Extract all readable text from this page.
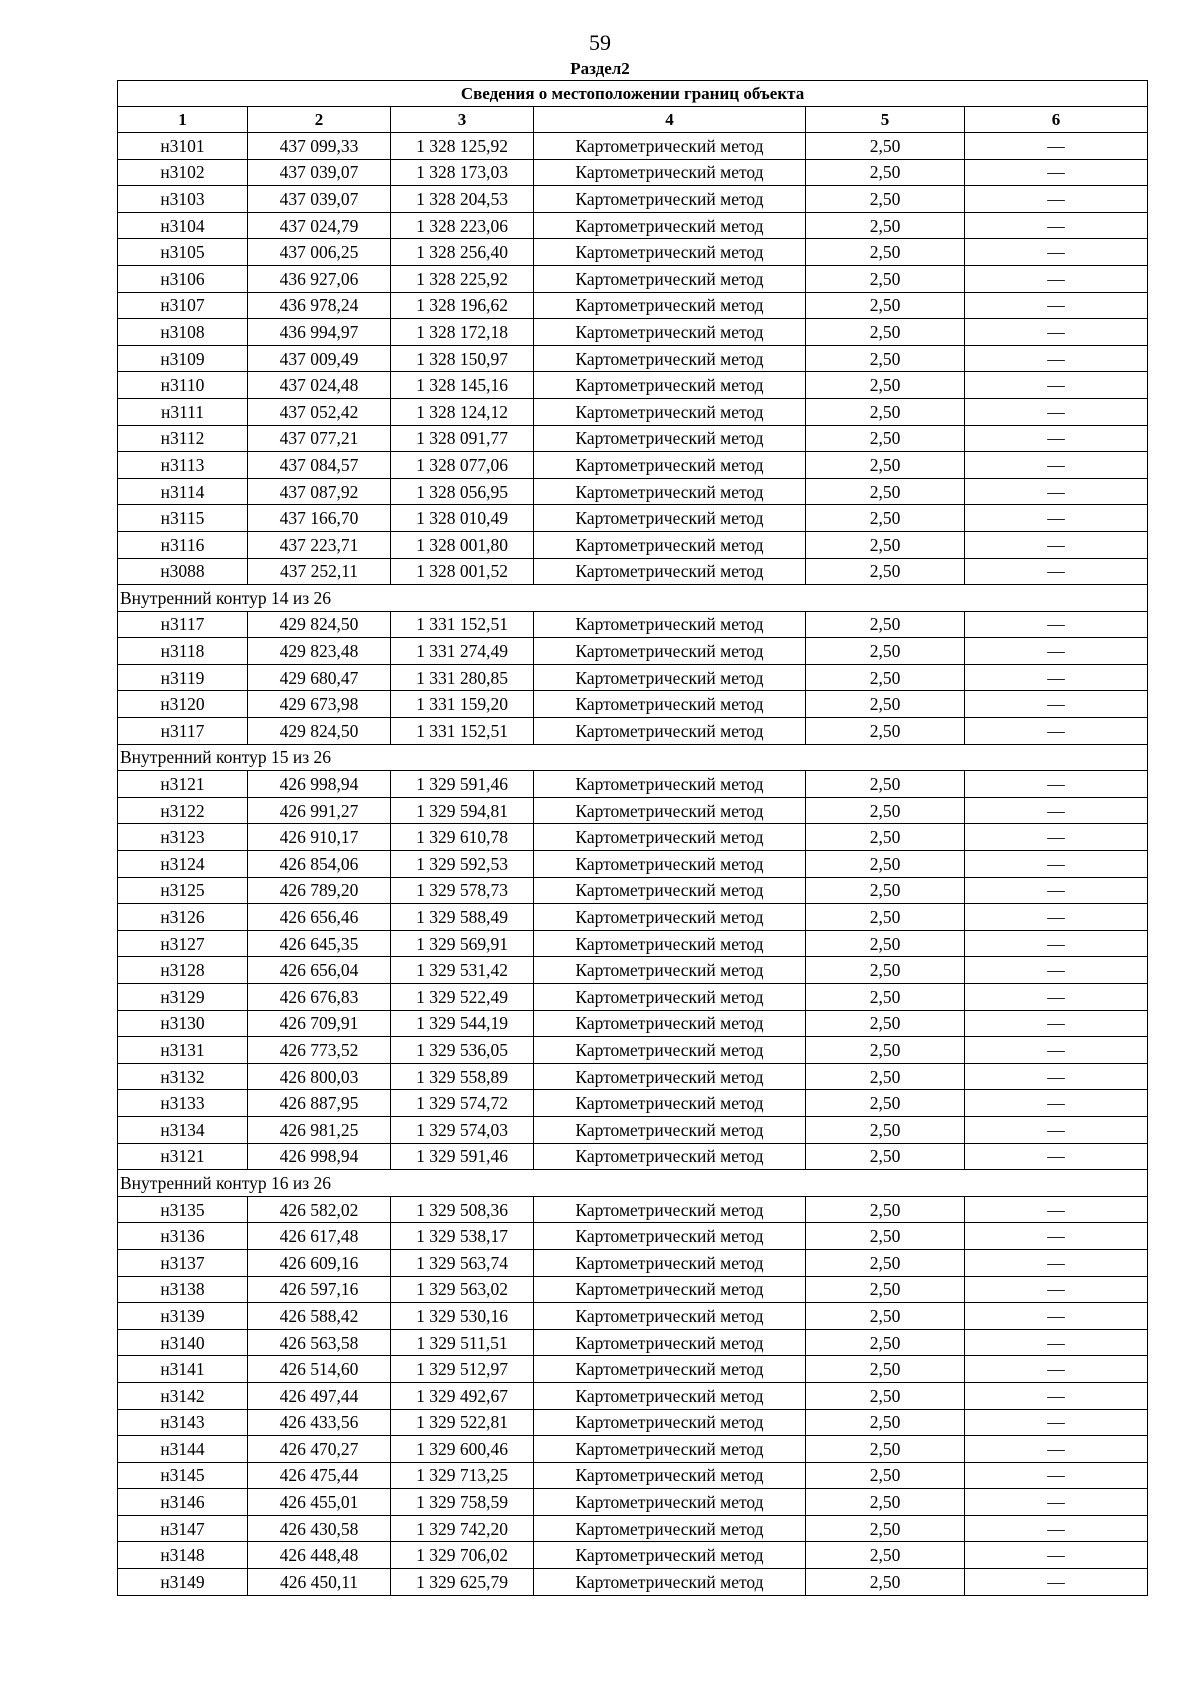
59
Раздел2
Сведения о местоположении границ объекта					
1	2	3	4	5	6
н3101	437 099,33	1 328 125,92	Картометрический метод	2,50	—
н3102	437 039,07	1 328 173,03	Картометрический метод	2,50	—
н3103	437 039,07	1 328 204,53	Картометрический метод	2,50	—
н3104	437 024,79	1 328 223,06	Картометрический метод	2,50	—
н3105	437 006,25	1 328 256,40	Картометрический метод	2,50	—
н3106	436 927,06	1 328 225,92	Картометрический метод	2,50	—
н3107	436 978,24	1 328 196,62	Картометрический метод	2,50	—
н3108	436 994,97	1 328 172,18	Картометрический метод	2,50	—
н3109	437 009,49	1 328 150,97	Картометрический метод	2,50	—
н3110	437 024,48	1 328 145,16	Картометрический метод	2,50	—
н3111	437 052,42	1 328 124,12	Картометрический метод	2,50	—
н3112	437 077,21	1 328 091,77	Картометрический метод	2,50	—
н3113	437 084,57	1 328 077,06	Картометрический метод	2,50	—
н3114	437 087,92	1 328 056,95	Картометрический метод	2,50	—
н3115	437 166,70	1 328 010,49	Картометрический метод	2,50	—
н3116	437 223,71	1 328 001,80	Картометрический метод	2,50	—
н3088	437 252,11	1 328 001,52	Картометрический метод	2,50	—
Внутренний контур 14 из 26					
н3117	429 824,50	1 331 152,51	Картометрический метод	2,50	—
н3118	429 823,48	1 331 274,49	Картометрический метод	2,50	—
н3119	429 680,47	1 331 280,85	Картометрический метод	2,50	—
н3120	429 673,98	1 331 159,20	Картометрический метод	2,50	—
н3117	429 824,50	1 331 152,51	Картометрический метод	2,50	—
Внутренний контур 15 из 26					
н3121	426 998,94	1 329 591,46	Картометрический метод	2,50	—
н3122	426 991,27	1 329 594,81	Картометрический метод	2,50	—
н3123	426 910,17	1 329 610,78	Картометрический метод	2,50	—
н3124	426 854,06	1 329 592,53	Картометрический метод	2,50	—
н3125	426 789,20	1 329 578,73	Картометрический метод	2,50	—
н3126	426 656,46	1 329 588,49	Картометрический метод	2,50	—
н3127	426 645,35	1 329 569,91	Картометрический метод	2,50	—
н3128	426 656,04	1 329 531,42	Картометрический метод	2,50	—
н3129	426 676,83	1 329 522,49	Картометрический метод	2,50	—
н3130	426 709,91	1 329 544,19	Картометрический метод	2,50	—
н3131	426 773,52	1 329 536,05	Картометрический метод	2,50	—
н3132	426 800,03	1 329 558,89	Картометрический метод	2,50	—
н3133	426 887,95	1 329 574,72	Картометрический метод	2,50	—
н3134	426 981,25	1 329 574,03	Картометрический метод	2,50	—
н3121	426 998,94	1 329 591,46	Картометрический метод	2,50	—
Внутренний контур 16 из 26					
н3135	426 582,02	1 329 508,36	Картометрический метод	2,50	—
н3136	426 617,48	1 329 538,17	Картометрический метод	2,50	—
н3137	426 609,16	1 329 563,74	Картометрический метод	2,50	—
н3138	426 597,16	1 329 563,02	Картометрический метод	2,50	—
н3139	426 588,42	1 329 530,16	Картометрический метод	2,50	—
н3140	426 563,58	1 329 511,51	Картометрический метод	2,50	—
н3141	426 514,60	1 329 512,97	Картометрический метод	2,50	—
н3142	426 497,44	1 329 492,67	Картометрический метод	2,50	—
н3143	426 433,56	1 329 522,81	Картометрический метод	2,50	—
н3144	426 470,27	1 329 600,46	Картометрический метод	2,50	—
н3145	426 475,44	1 329 713,25	Картометрический метод	2,50	—
н3146	426 455,01	1 329 758,59	Картометрический метод	2,50	—
н3147	426 430,58	1 329 742,20	Картометрический метод	2,50	—
н3148	426 448,48	1 329 706,02	Картометрический метод	2,50	—
н3149	426 450,11	1 329 625,79	Картометрический метод	2,50	—
